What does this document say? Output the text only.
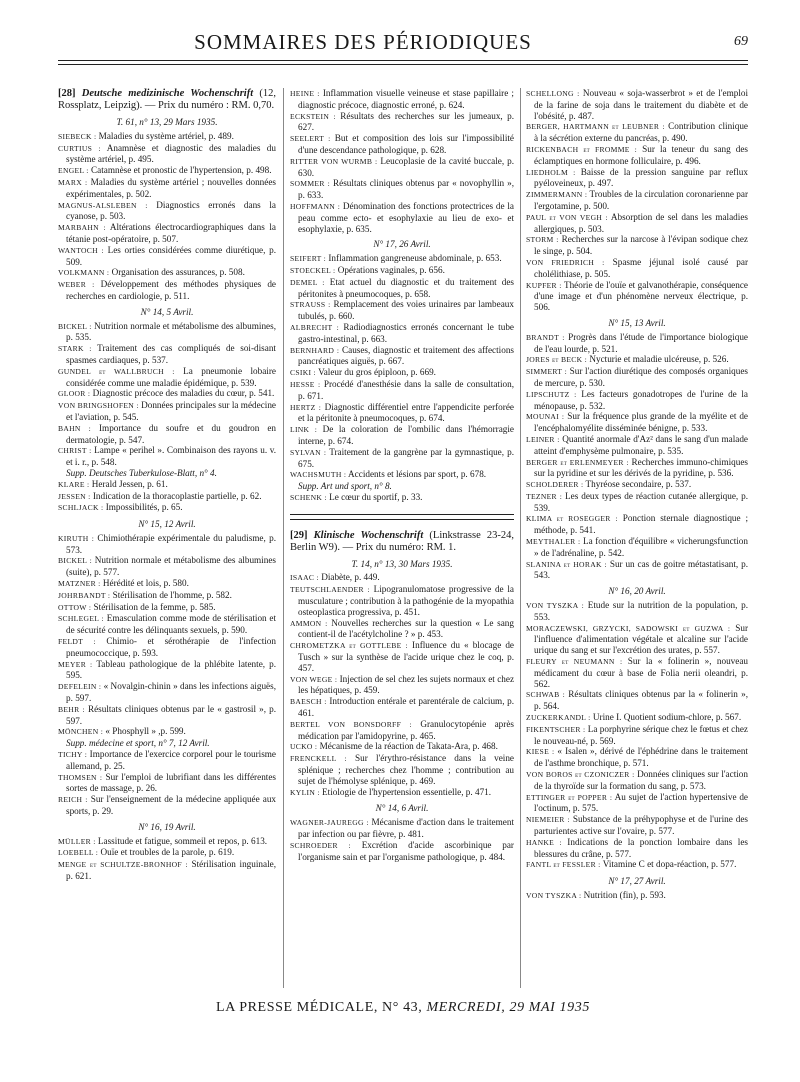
SOMMAIRES DES PÉRIODIQUES	69
[28] Deutsche medizinische Wochenschrift (12, Rossplatz, Leipzig). — Prix du numéro : RM. 0,70.
T. 61, n° 13, 29 Mars 1935.
SIEBECK : Maladies du système artériel, p. 489.
CURTIUS : Anamnèse et diagnostic des maladies du système artériel, p. 495.
ENGEL : Catamnèse et pronostic de l'hypertension, p. 498.
MARX : Maladies du système artériel ; nouvelles données expérimentales, p. 502.
MAGNUS-ALSLEBEN : Diagnostics erronés dans la cyanose, p. 503.
MARBAHN : Altérations électrocardiographiques dans la tétanie post-opératoire, p. 507.
WANTOCH : Les orties considérées comme diurétique, p. 509.
VOLKMANN : Organisation des assurances, p. 508.
WEBER : Développement des méthodes physiques de recherches en cardiologie, p. 511.
N° 14, 5 Avril.
BICKEL : Nutrition normale et métabolisme des albumines, p. 535.
STARK : Traitement des cas compliqués de soi-disant spasmes cardiaques, p. 537.
GUNDEL et WALLBRUCH : La pneumonie lobaire considérée comme une maladie épidémique, p. 539.
GLOOR : Diagnostic précoce des maladies du cœur, p. 541.
VON BRINGSHOFEN : Données principales sur la médecine et l'aviation, p. 545.
BAHN : Importance du soufre et du goudron en dermatologie, p. 547.
CHRIST : Lampe « perihel ». Combinaison des rayons u. v. et i. r., p. 548.
Supp. Deutsches Tuberkulose-Blatt, n° 4.
KLARE : Herald Jessen, p. 61.
JESSEN : Indication de la thoracoplastie partielle, p. 62.
SCHLJACK : Impossibilités, p. 65.
N° 15, 12 Avril.
KIRUTH : Chimiothérapie expérimentale du paludisme, p. 573.
BICKEL : Nutrition normale et métabolisme des albumines (suite), p. 577.
MATZNER : Hérédité et lois, p. 580.
JOHRBANDT : Stérilisation de l'homme, p. 582.
OTTOW : Stérilisation de la femme, p. 585.
SCHLEGEL : Emasculation comme mode de stérilisation et de sécurité contre les délinquants sexuels, p. 590.
FELDT : Chimio- et sérothérapie de l'infection pneumococcique, p. 593.
MEYER : Tableau pathologique de la phlébite latente, p. 595.
DEFELEIN : « Novalgin-chinin » dans les infections aiguës, p. 597.
BEHR : Résultats cliniques obtenus par le « gastrosil », p. 597.
MÖNCHEN : « Phosphyll » ,p. 599.
Supp. médecine et sport, n° 7, 12 Avril.
TICHY : Importance de l'exercice corporel pour le tourisme allemand, p. 25.
THOMSEN : Sur l'emploi de lubrifiant dans les différentes sortes de massage, p. 26.
REICH : Sur l'enseignement de la médecine appliquée aux sports, p. 29.
N° 16, 19 Avril.
MÜLLER : Lassitude et fatigue, sommeil et repos, p. 613.
LOEBELL : Ouïe et troubles de la parole, p. 619.
MENGE et SCHULTZE-BRONHOF : Stérilisation inguinale, p. 621.
HEINE : Inflammation visuelle veineuse et stase papillaire ; diagnostic précoce, diagnostic erroné, p. 624.
ECKSTEIN : Résultats des recherches sur les jumeaux, p. 627.
SEELERT : But et composition des lois sur l'impossibilité d'une descendance pathologique, p. 628.
RITTER VON WURMB : Leucoplasie de la cavité buccale, p. 630.
SOMMER : Résultats cliniques obtenus par « novophyllin », p. 633.
HOFFMANN : Dénomination des fonctions protectrices de la peau comme ecto- et esophylaxie au lieu de exo- et esophylaxie, p. 635.
N° 17, 26 Avril.
SEIFERT : Inflammation gangreneuse abdominale, p. 653.
STOECKEL : Opérations vaginales, p. 656.
DEMEL : Etat actuel du diagnostic et du traitement des péritonites à pneumocoques, p. 658.
STRAUSS : Remplacement des voies urinaires par lambeaux tubulés, p. 660.
ALBRECHT : Radiodiagnostics erronés concernant le tube gastro-intestinal, p. 663.
BERNHARD : Causes, diagnostic et traitement des affections pancréatiques aiguës, p. 667.
CSIKI : Valeur du gros épiploon, p. 669.
HESSE : Procédé d'anesthésie dans la salle de consultation, p. 671.
HERTZ : Diagnostic différentiel entre l'appendicite perforée et la péritonite à pneumocoques, p. 674.
LINK : De la coloration de l'ombilic dans l'hémorragie interne, p. 674.
SYLVAN : Traitement de la gangrène par la gymnastique, p. 675.
WACHSMUTH : Accidents et lésions par sport, p. 678.
Supp. Art und sport, n° 8.
SCHENK : Le cœur du sportif, p. 33.
[29] Klinische Wochenschrift (Linkstrasse 23-24, Berlin W9). — Prix du numéro: RM. 1.
T. 14, n° 13, 30 Mars 1935.
ISAAC : Diabète, p. 449.
TEUTSCHLAENDER : Lipogranulomatose progressive de la musculature ; contribution à la pathogénie de la myopathia osteoplastica progressiva, p. 451.
AMMON : Nouvelles recherches sur la question « Le sang contient-il de l'acétylcholine ? » p. 453.
CHROMETZKA et GOTTLEBE : Influence du « blocage de Tusch » sur la synthèse de l'acide urique chez le coq, p. 457.
VON WEGE : Injection de sel chez les sujets normaux et chez les hépatiques, p. 459.
BAESCH : Introduction entérale et parentérale de calcium, p. 461.
BERTEL VON BONSDORFF : Granulocytopénie après médication par l'amidopyrine, p. 465.
UCKO : Mécanisme de la réaction de Takata-Ara, p. 468.
FRENCKELL : Sur l'érythro-résistance dans la veine splénique ; recherches chez l'homme ; contribution au sujet de l'hémolyse splénique, p. 469.
KYLIN : Etiologie de l'hypertension essentielle, p. 471.
N° 14, 6 Avril.
WAGNER-JAUREGG : Mécanisme d'action dans le traitement par infection ou par fièvre, p. 481.
SCHROEDER : Excrétion d'acide ascorbinique par l'organisme sain et par l'organisme pathologique, p. 484.
SCHELLONG : Nouveau « soja-wasserbrot » et de l'emploi de la farine de soja dans le traitement du diabète et de l'obésité, p. 487.
BERGER, HARTMANN et LEUBNER : Contribution clinique à la sécrétion externe du pancréas, p. 490.
RICKENBACH et FROMME : Sur la teneur du sang des éclamptiques en hormone folliculaire, p. 496.
LIEDHOLM : Baisse de la pression sanguine par reflux pyéloveineux, p. 497.
ZIMMERMANN : Troubles de la circulation coronarienne par l'ergotamine, p. 500.
PAUL et VON VEGH : Absorption de sel dans les maladies allergiques, p. 503.
STORM : Recherches sur la narcose à l'évipan sodique chez le singe, p. 504.
VON FRIEDRICH : Spasme jéjunal isolé causé par cholélithiase, p. 505.
KUPFER : Théorie de l'ouïe et galvanothérapie, conséquence d'une image et d'un phénomène nerveux électrique, p. 506.
N° 15, 13 Avril.
BRANDT : Progrès dans l'étude de l'importance biologique de l'eau lourde, p. 521.
JORES et BECK : Nycturie et maladie ulcéreuse, p. 526.
SIMMERT : Sur l'action diurétique des composés organiques de mercure, p. 530.
LIPSCHUTZ : Les facteurs gonadotropes de l'urine de la ménopause, p. 532.
MOUNAI : Sur la fréquence plus grande de la myélite et de l'encéphalomyélite disséminée bénigne, p. 533.
LEINER : Quantité anormale d'Az² dans le sang d'un malade atteint d'emphysème pulmonaire, p. 535.
BERGER et ERLENMEYER : Recherches immuno-chimiques sur la pyridine et sur les dérivés de la pyridine, p. 536.
SCHOLDERER : Thyréose secondaire, p. 537.
TEZNER : Les deux types de réaction cutanée allergique, p. 539.
KLIMA et ROSEGGER : Ponction sternale diagnostique ; méthode, p. 541.
MEYTHALER : La fonction d'équilibre « vicherungsfunction » de l'adrénaline, p. 542.
SLANINA et HORAK : Sur un cas de goitre métastatisant, p. 543.
N° 16, 20 Avril.
VON TYSZKA : Etude sur la nutrition de la population, p. 553.
MORACZEWSKI, GRZYCKI, SADOWSKI et GUZWA : Sur l'influence d'alimentation végétale et alcaline sur l'acide urique du sang et sur l'excrétion des urates, p. 557.
FLEURY et NEUMANN : Sur la « folinerin », nouveau médicament du cœur à base de Folia nerii oleandri, p. 562.
SCHWAB : Résultats cliniques obtenus par la « folinerin », p. 564.
ZUCKERKANDL : Urine I. Quotient sodium-chlore, p. 567.
FIKENTSCHER : La porphyrine sérique chez le fœtus et chez le nouveau-né, p. 569.
KIESE : « Isalen », dérivé de l'éphédrine dans le traitement de l'asthme bronchique, p. 571.
VON BOROS et CZONICZER : Données cliniques sur l'action de la thyroïde sur la formation du sang, p. 573.
ETTINGER et POPPER : Au sujet de l'action hypertensive de l'octinum, p. 575.
NIEMEIER : Substance de la préhypophyse et de l'urine des parturientes active sur l'ovaire, p. 577.
HANKE : Indications de la ponction lombaire dans les blessures du crâne, p. 577.
FANTL et FESSLER : Vitamine C et dopa-réaction, p. 577.
N° 17, 27 Avril.
VON TYSZKA : Nutrition (fin), p. 593.
LA PRESSE MÉDICALE, N° 43, MERCREDI, 29 MAI 1935
